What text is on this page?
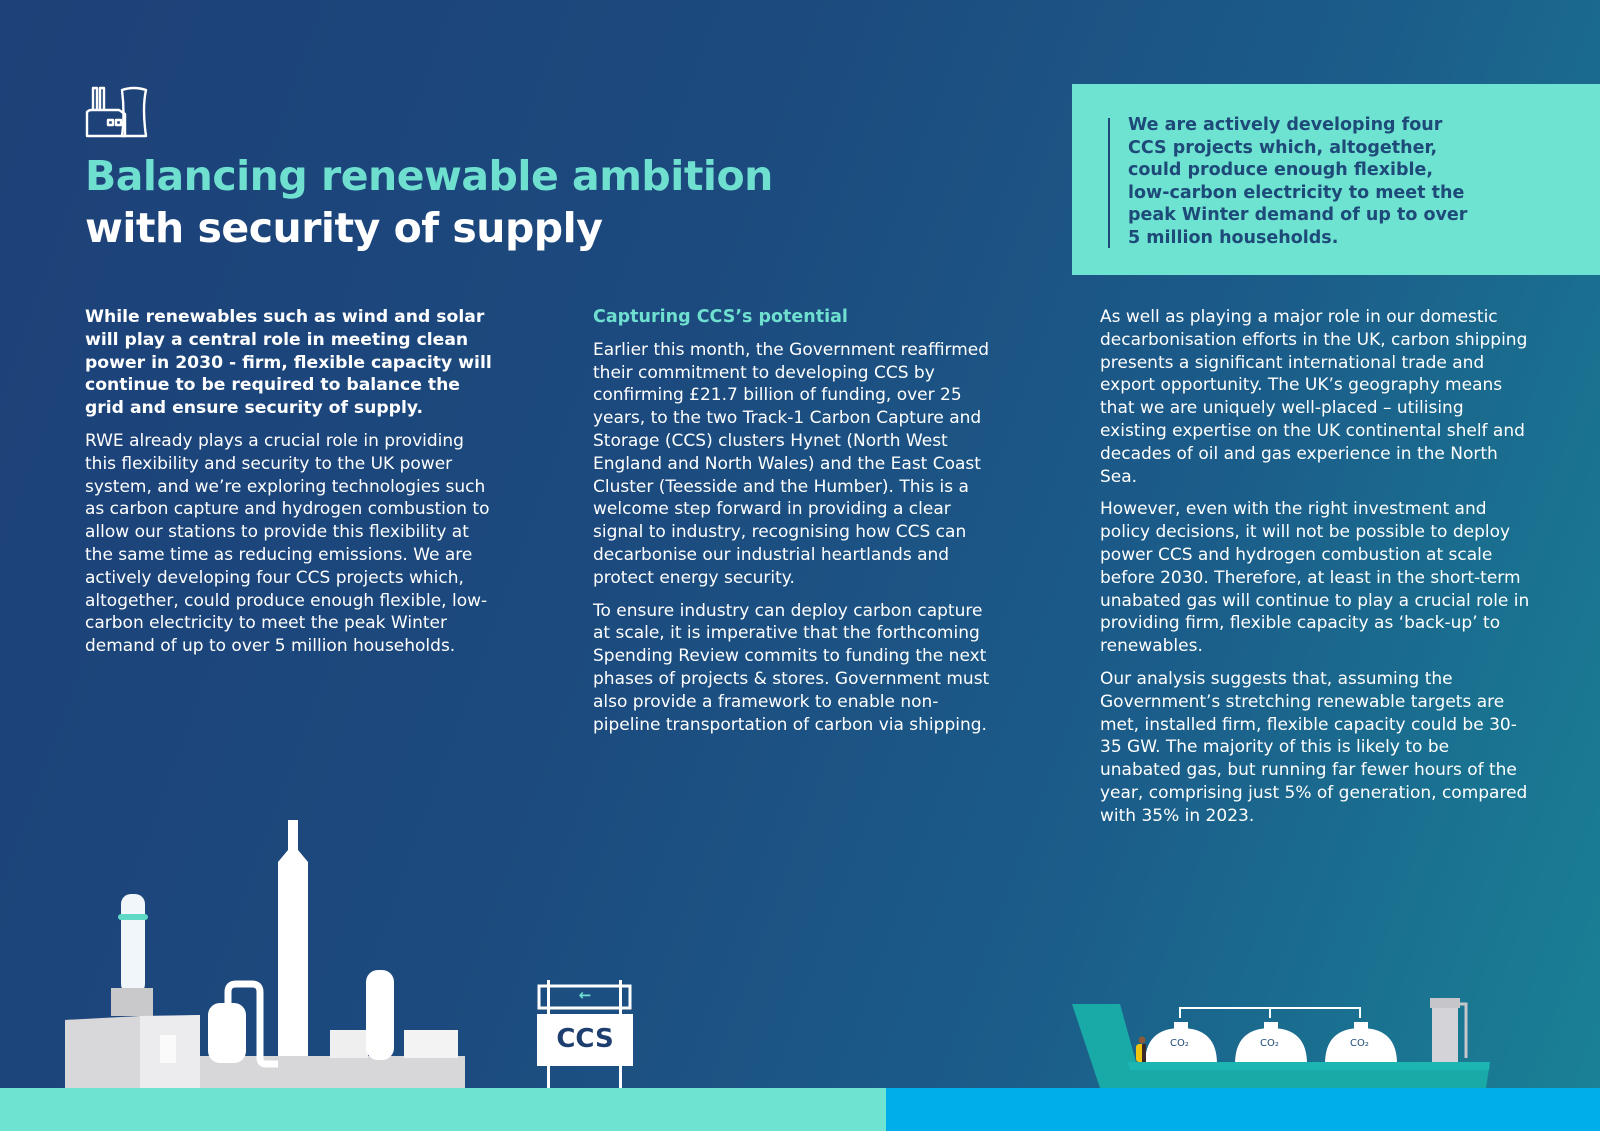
Balancing renewable ambition
with security of supply

We are actively developing four CCS projects which, altogether, could produce enough flexible, low-carbon electricity to meet the peak Winter demand of up to over 5 million households.

While renewables such as wind and solar will play a central role in meeting clean power in 2030 - firm, flexible capacity will continue to be required to balance the grid and ensure security of supply.

RWE already plays a crucial role in providing this flexibility and security to the UK power system, and we’re exploring technologies such as carbon capture and hydrogen combustion to allow our stations to provide this flexibility at the same time as reducing emissions. We are actively developing four CCS projects which, altogether, could produce enough flexible, low-carbon electricity to meet the peak Winter demand of up to over 5 million households.

Capturing CCS’s potential

Earlier this month, the Government reaffirmed their commitment to developing CCS by confirming £21.7 billion of funding, over 25 years, to the two Track-1 Carbon Capture and Storage (CCS) clusters Hynet (North West England and North Wales) and the East Coast Cluster (Teesside and the Humber). This is a welcome step forward in providing a clear signal to industry, recognising how CCS can decarbonise our industrial heartlands and protect energy security.

To ensure industry can deploy carbon capture at scale, it is imperative that the forthcoming Spending Review commits to funding the next phases of projects & stores. Government must also provide a framework to enable non-pipeline transportation of carbon via shipping.

As well as playing a major role in our domestic decarbonisation efforts in the UK, carbon shipping presents a significant international trade and export opportunity. The UK’s geography means that we are uniquely well-placed – utilising existing expertise on the UK continental shelf and decades of oil and gas experience in the North Sea.

However, even with the right investment and policy decisions, it will not be possible to deploy power CCS and hydrogen combustion at scale before 2030. Therefore, at least in the short-term unabated gas will continue to play a crucial role in providing firm, flexible capacity as ‘back-up’ to renewables.

Our analysis suggests that, assuming the Government’s stretching renewable targets are met, installed firm, flexible capacity could be 30-35 GW. The majority of this is likely to be unabated gas, but running far fewer hours of the year, comprising just 5% of generation, compared with 35% in 2023.

←
CCS	CO₂	CO₂	CO₂
